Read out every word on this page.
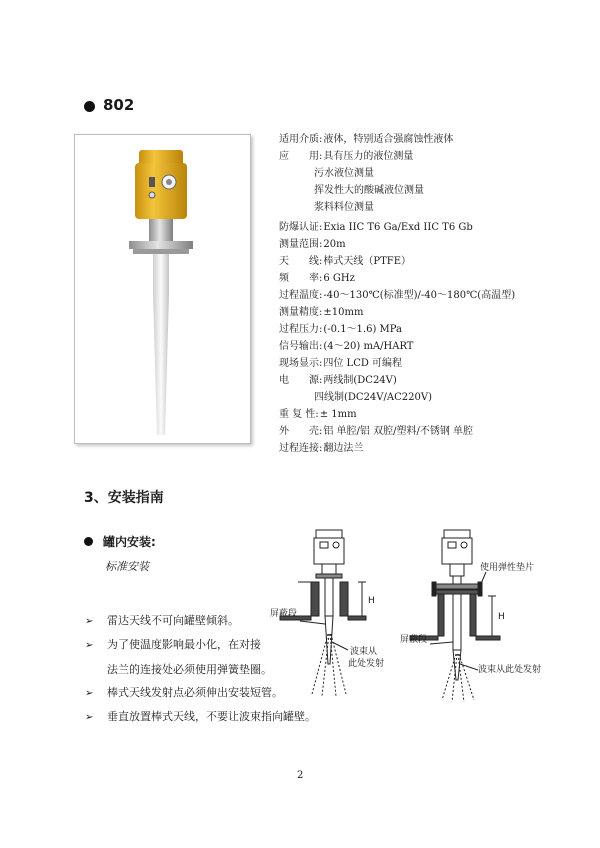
802
适用介质:液体，特别适合强腐蚀性液体
应　　用:具有压力的液位测量
污水液位测量
挥发性大的酸碱液位测量
浆料料位测量
防爆认证:Exia IIC T6 Ga/Exd IIC T6 Gb
测量范围:20m
天　　线:棒式天线（PTFE）
频　　率:6 GHz
过程温度:-40～130℃(标准型)/-40～180℃(高温型)
测量精度:±10mm
过程压力:(-0.1～1.6) MPa
信号输出:(4～20) mA/HART
现场显示:四位 LCD 可编程
电　　源:两线制(DC24V)
四线制(DC24V/AC220V)
重 复 性:± 1mm
外　　壳:铝 单腔/铝 双腔/塑料/不锈钢 单腔
过程连接:翻边法兰
3、安装指南
罐内安装:
标准安装
➢ 雷达天线不可向罐壁倾斜。
➢ 为了使温度影响最小化，在对接
法兰的连接处必须使用弹簧垫圈。
➢ 棒式天线发射点必须伸出安装短管。
➢ 垂直放置棒式天线，不要让波束指向罐壁。
屏蔽段
H
波束从
此处发射
使用弹性垫片
H
屏蔽段
波束从此处发射
2
